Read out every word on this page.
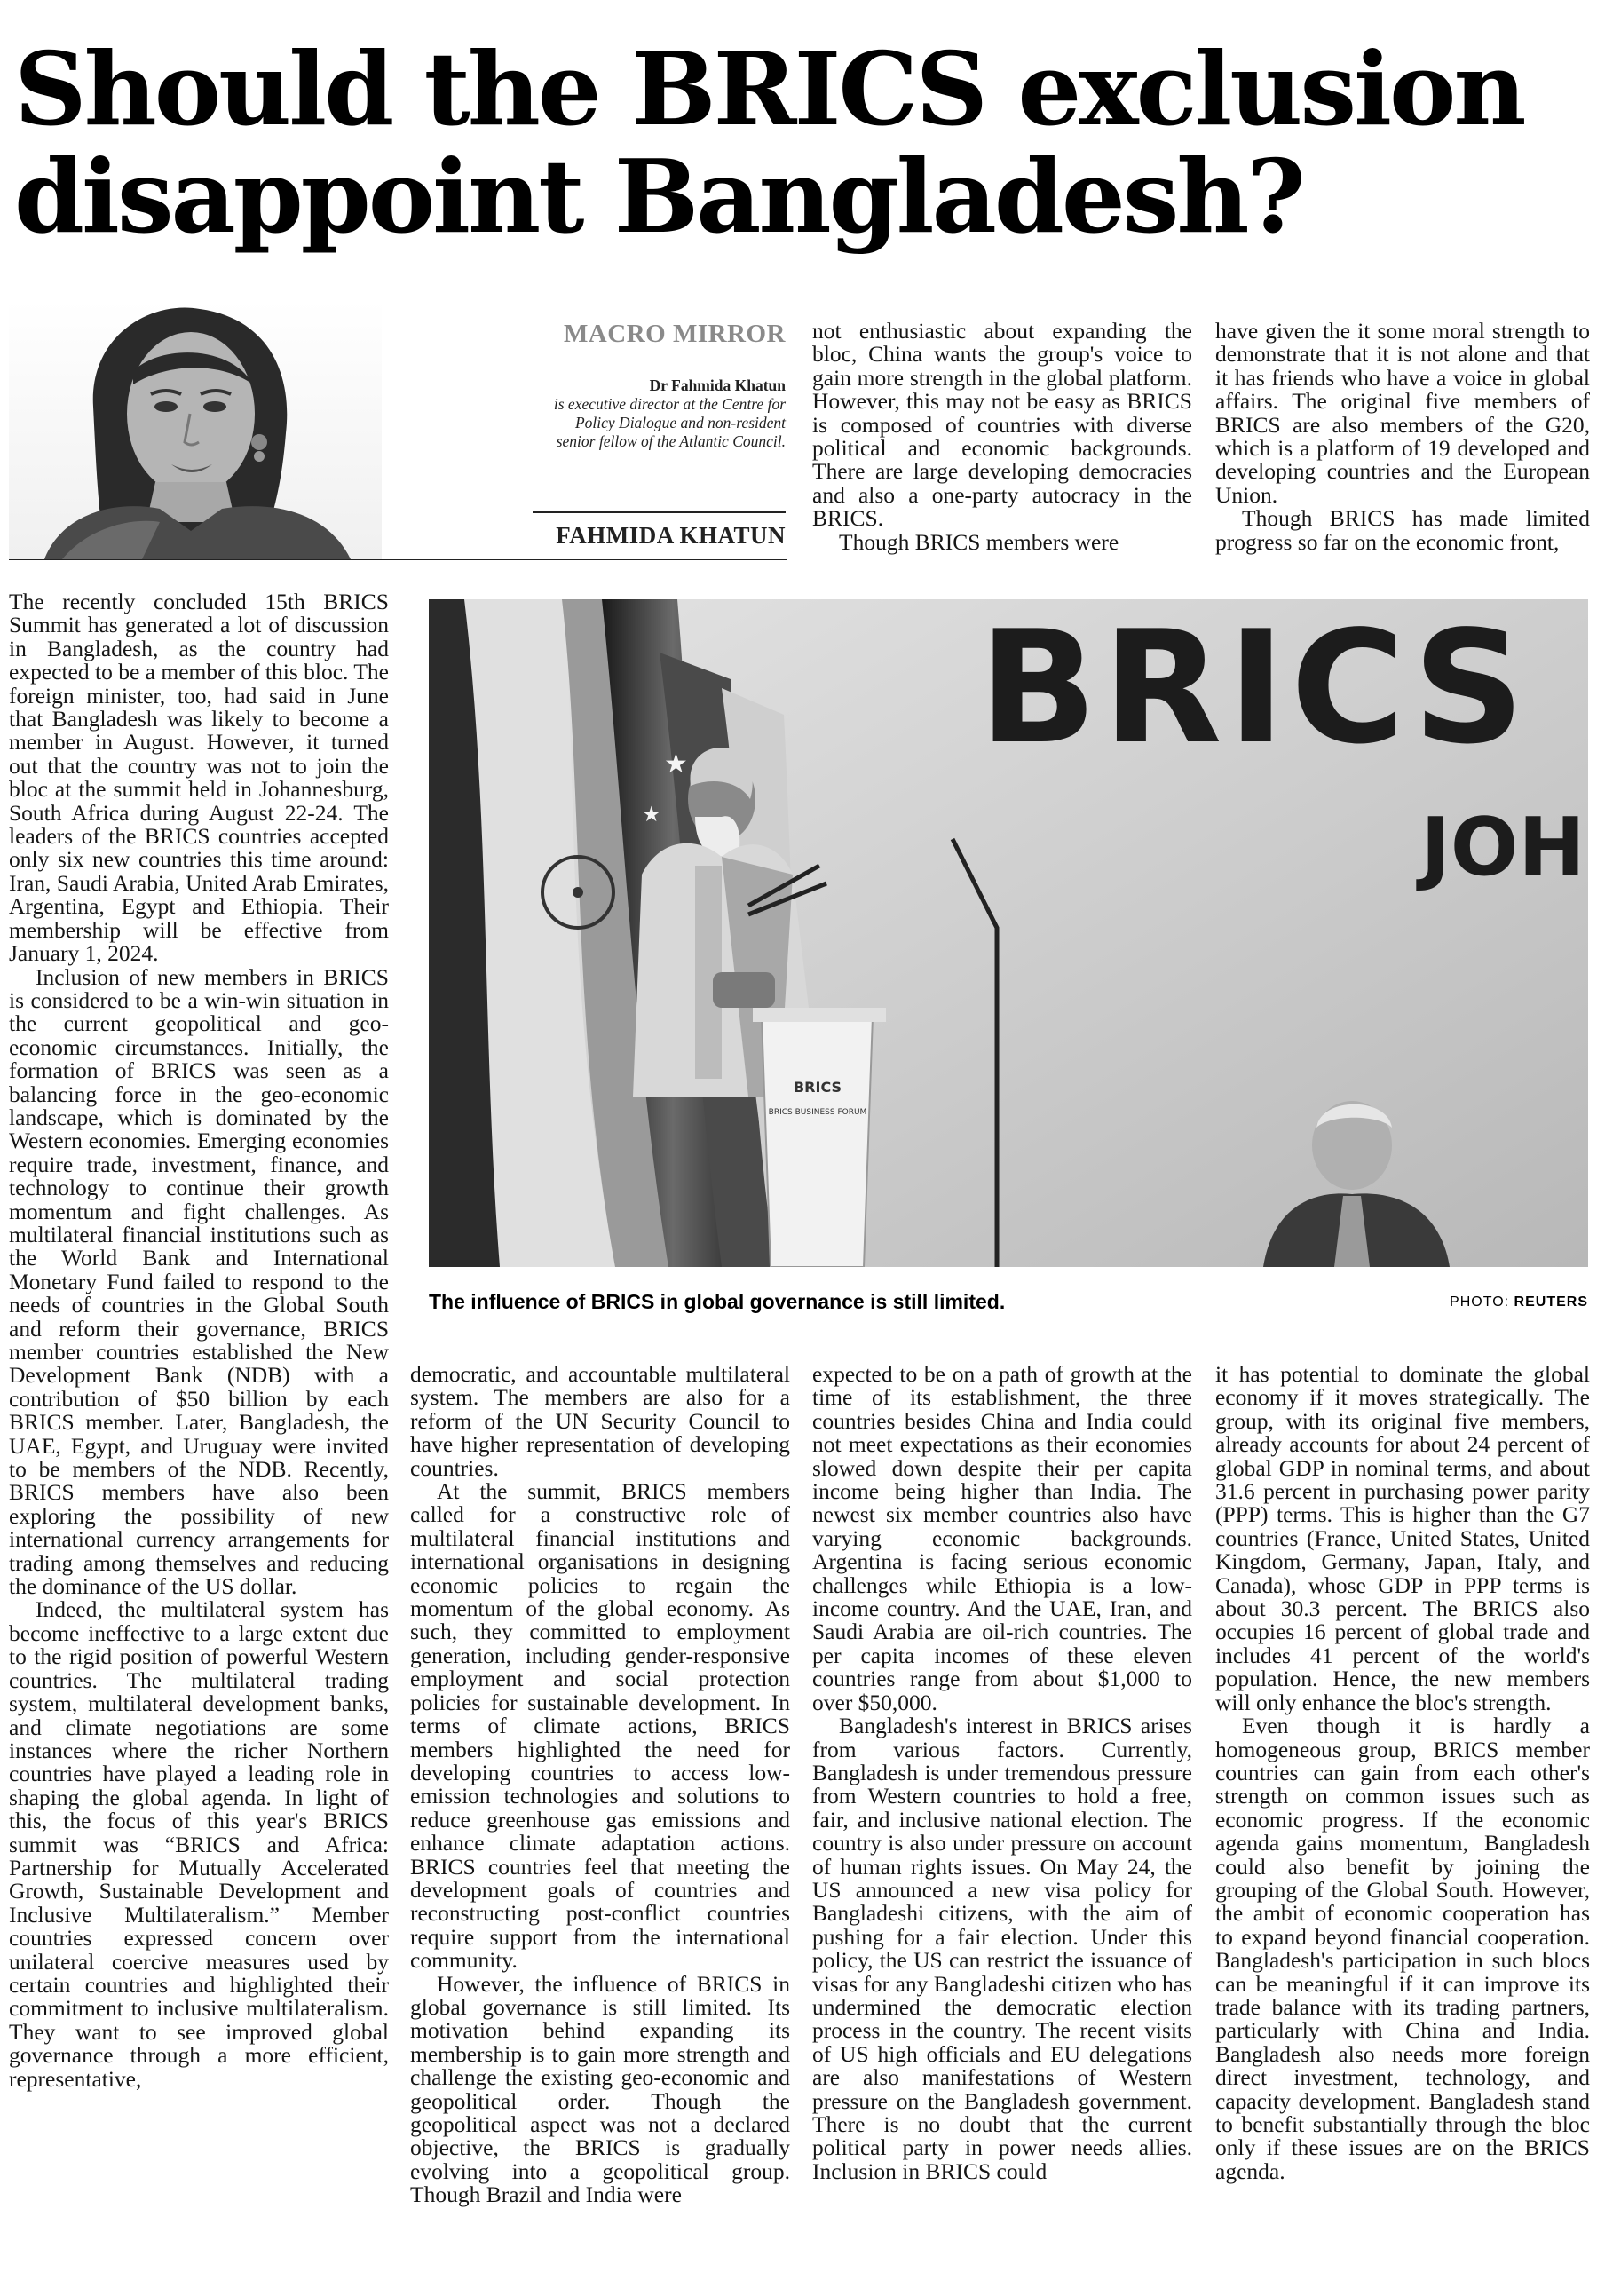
Should the BRICS exclusion
disappoint Bangladesh?
MACRO MIRROR
Dr Fahmida Khatun
is executive director at the Centre for Policy Dialogue and non-resident senior fellow of the Atlantic Council.
FAHMIDA KHATUN

not enthusiastic about expanding the bloc, China wants the group's voice to gain more strength in the global platform. However, this may not be easy as BRICS is composed of countries with diverse political and economic backgrounds. There are large developing democracies and also a one-party autocracy in the BRICS.

Though BRICS members were

have given the it some moral strength to demonstrate that it is not alone and that it has friends who have a voice in global affairs. The original five members of BRICS are also members of the G20, which is a platform of 19 developed and developing countries and the European Union.

Though BRICS has made limited progress so far on the economic front,

BRICS
JOH
★
★
BRICS
BRICS BUSINESS FORUM
The influence of BRICS in global governance is still limited.	PHOTO: REUTERS

The recently concluded 15th BRICS Summit has generated a lot of discussion in Bangladesh, as the country had expected to be a member of this bloc. The foreign minister, too, had said in June that Bangladesh was likely to become a member in August. However, it turned out that the country was not to join the bloc at the summit held in Johannesburg, South Africa during August 22-24. The leaders of the BRICS countries accepted only six new countries this time around: Iran, Saudi Arabia, United Arab Emirates, Argentina, Egypt and Ethiopia. Their membership will be effective from January 1, 2024.

Inclusion of new members in BRICS is considered to be a win-win situation in the current geopolitical and geo-economic circumstances. Initially, the formation of BRICS was seen as a balancing force in the geo-economic landscape, which is dominated by the Western economies. Emerging economies require trade, investment, finance, and technology to continue their growth momentum and fight challenges. As multilateral financial institutions such as the World Bank and International Monetary Fund failed to respond to the needs of countries in the Global South and reform their governance, BRICS member countries established the New Development Bank (NDB) with a contribution of $50 billion by each BRICS member. Later, Bangladesh, the UAE, Egypt, and Uruguay were invited to be members of the NDB. Recently, BRICS members have also been exploring the possibility of new international currency arrangements for trading among themselves and reducing the dominance of the US dollar.

Indeed, the multilateral system has become ineffective to a large extent due to the rigid position of powerful Western countries. The multilateral trading system, multilateral development banks, and climate negotiations are some instances where the richer Northern countries have played a leading role in shaping the global agenda. In light of this, the focus of this year's BRICS summit was “BRICS and Africa: Partnership for Mutually Accelerated Growth, Sustainable Development and Inclusive Multilateralism.” Member countries expressed concern over unilateral coercive measures used by certain countries and highlighted their commitment to inclusive multilateralism. They want to see improved global governance through a more efficient, representative,

democratic, and accountable multilateral system. The members are also for a reform of the UN Security Council to have higher representation of developing countries.

At the summit, BRICS members called for a constructive role of multilateral financial institutions and international organisations in designing economic policies to regain the momentum of the global economy. As such, they committed to employment generation, including gender-responsive employment and social protection policies for sustainable development. In terms of climate actions, BRICS members highlighted the need for developing countries to access low-emission technologies and solutions to reduce greenhouse gas emissions and enhance climate adaptation actions. BRICS countries feel that meeting the development goals of countries and reconstructing post-conflict countries require support from the international community.

However, the influence of BRICS in global governance is still limited. Its motivation behind expanding its membership is to gain more strength and challenge the existing geo-economic and geopolitical order. Though the geopolitical aspect was not a declared objective, the BRICS is gradually evolving into a geopolitical group. Though Brazil and India were

expected to be on a path of growth at the time of its establishment, the three countries besides China and India could not meet expectations as their economies slowed down despite their per capita income being higher than India. The newest six member countries also have varying economic backgrounds. Argentina is facing serious economic challenges while Ethiopia is a low-income country. And the UAE, Iran, and Saudi Arabia are oil-rich countries. The per capita incomes of these eleven countries range from about $1,000 to over $50,000.

Bangladesh's interest in BRICS arises from various factors. Currently, Bangladesh is under tremendous pressure from Western countries to hold a free, fair, and inclusive national election. The country is also under pressure on account of human rights issues. On May 24, the US announced a new visa policy for Bangladeshi citizens, with the aim of pushing for a fair election. Under this policy, the US can restrict the issuance of visas for any Bangladeshi citizen who has undermined the democratic election process in the country. The recent visits of US high officials and EU delegations are also manifestations of Western pressure on the Bangladesh government. There is no doubt that the current political party in power needs allies. Inclusion in BRICS could

it has potential to dominate the global economy if it moves strategically. The group, with its original five members, already accounts for about 24 percent of global GDP in nominal terms, and about 31.6 percent in purchasing power parity (PPP) terms. This is higher than the G7 countries (France, United States, United Kingdom, Germany, Japan, Italy, and Canada), whose GDP in PPP terms is about 30.3 percent. The BRICS also occupies 16 percent of global trade and includes 41 percent of the world's population. Hence, the new members will only enhance the bloc's strength.

Even though it is hardly a homogeneous group, BRICS member countries can gain from each other's strength on common issues such as economic progress. If the economic agenda gains momentum, Bangladesh could also benefit by joining the grouping of the Global South. However, the ambit of economic cooperation has to expand beyond financial cooperation. Bangladesh's participation in such blocs can be meaningful if it can improve its trade balance with its trading partners, particularly with China and India. Bangladesh also needs more foreign direct investment, technology, and capacity development. Bangladesh stand to benefit substantially through the bloc only if these issues are on the BRICS agenda.
